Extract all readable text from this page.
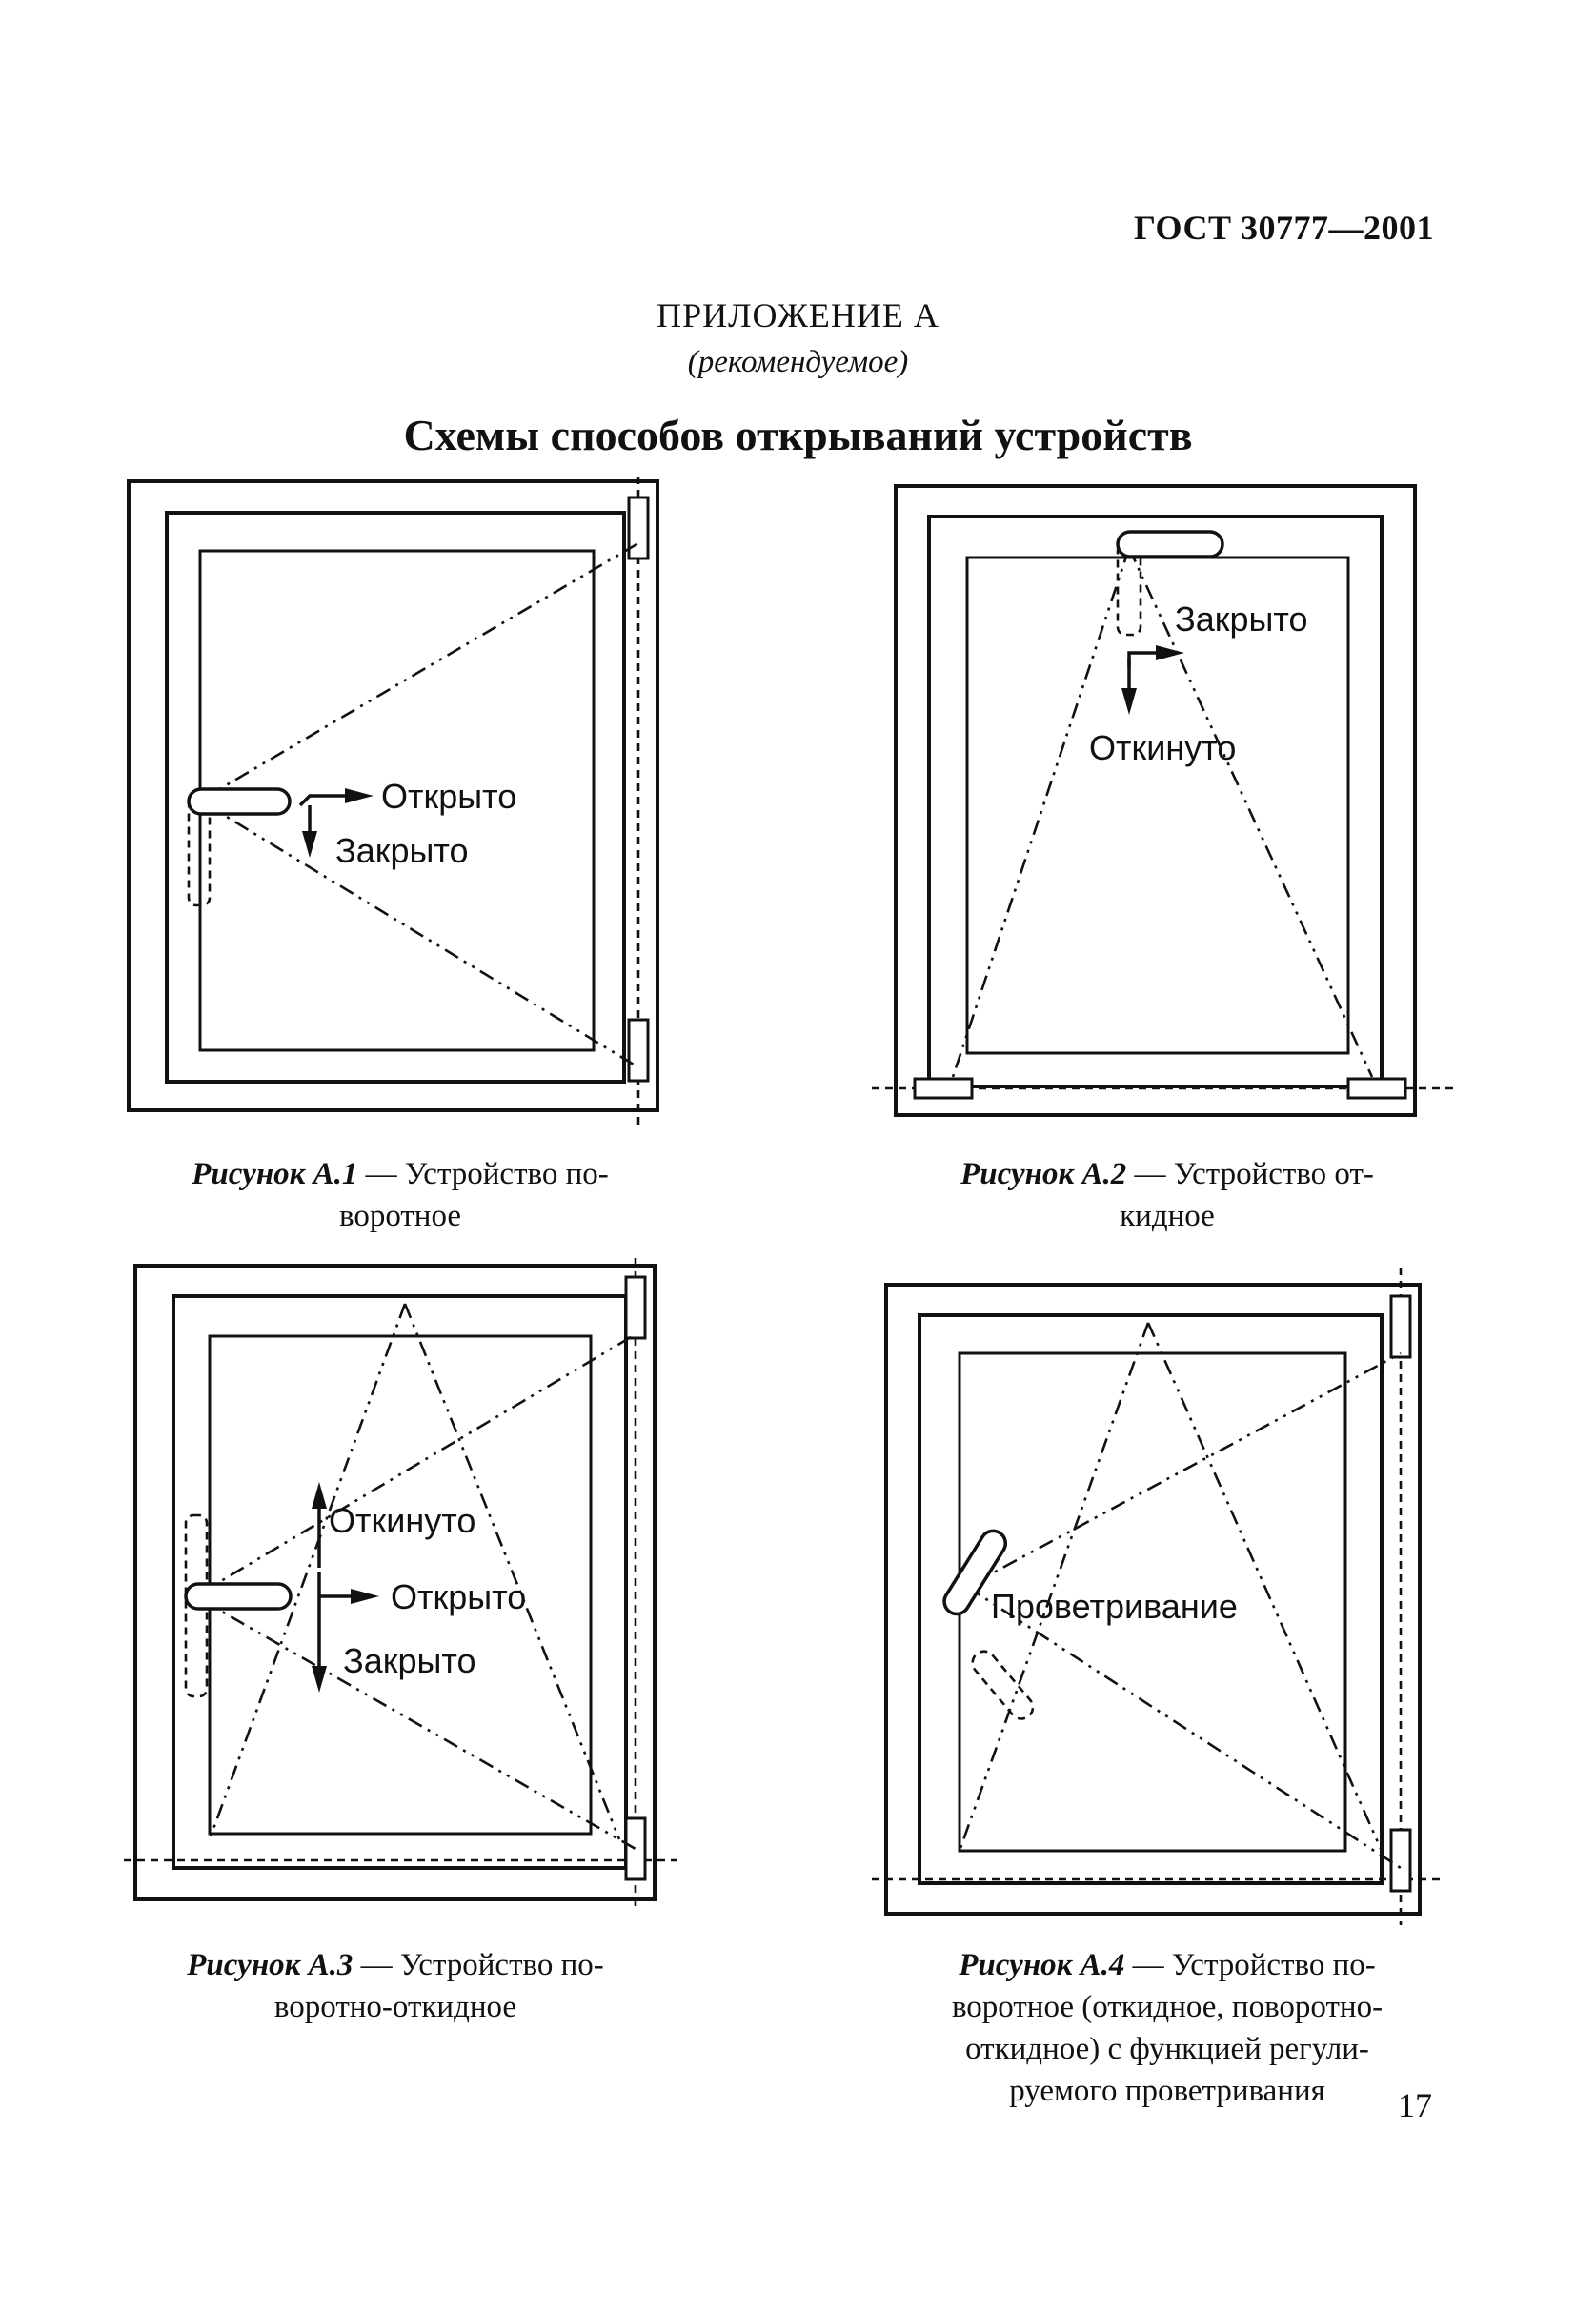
ГОСТ 30777—2001
ПРИЛОЖЕНИЕ А
(рекомендуемое)
Схемы способов открываний устройств
Открыто
Закрыто
Закрыто
Откинуто
Откинуто
Открыто
Закрыто
Проветривание
Рисунок А.1 — Устройство по-
воротное
Рисунок А.2 — Устройство от-
кидное
Рисунок А.3 — Устройство по-
воротно-откидное
Рисунок А.4 — Устройство по-
воротное (откидное, поворотно-
откидное) с функцией регули-
руемого проветривания	17
